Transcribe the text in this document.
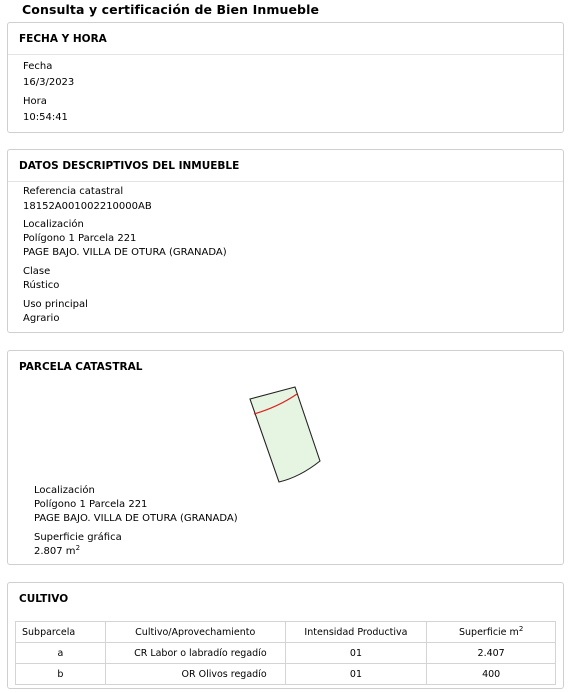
Consulta y certificación de Bien Inmueble
FECHA Y HORA
Fecha
16/3/2023
Hora
10:54:41
DATOS DESCRIPTIVOS DEL INMUEBLE
Referencia catastral
18152A001002210000AB
Localización
Polígono 1 Parcela 221
PAGE BAJO. VILLA DE OTURA (GRANADA)
Clase
Rústico
Uso principal
Agrario
PARCELA CATASTRAL
Localización
Polígono 1 Parcela 221
PAGE BAJO. VILLA DE OTURA (GRANADA)
Superficie gráfica
2.807 $m^2$
CULTIVO
Subparcela	Cultivo/Aprovechamiento	Intensidad Productiva	Superficie $m^2$
a	CR Labor o labradío regadío	01	2.407
b	OR Olivos regadío	01	400
